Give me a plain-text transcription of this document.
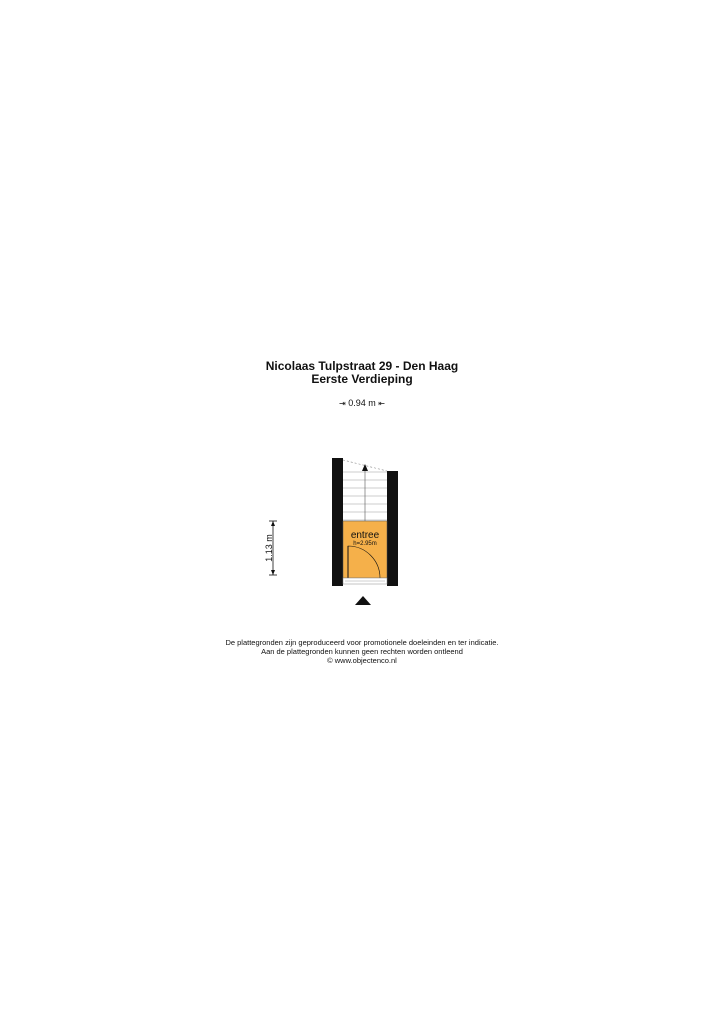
Nicolaas Tulpstraat 29 - Den Haag
Eerste Verdieping
⇥ 0.94 m ⇤
1.13 m	entree
h=2.95m
De plattegronden zijn geproduceerd voor promotionele doeleinden en ter indicatie.
Aan de plattegronden kunnen geen rechten worden ontleend
© www.objectenco.nl
